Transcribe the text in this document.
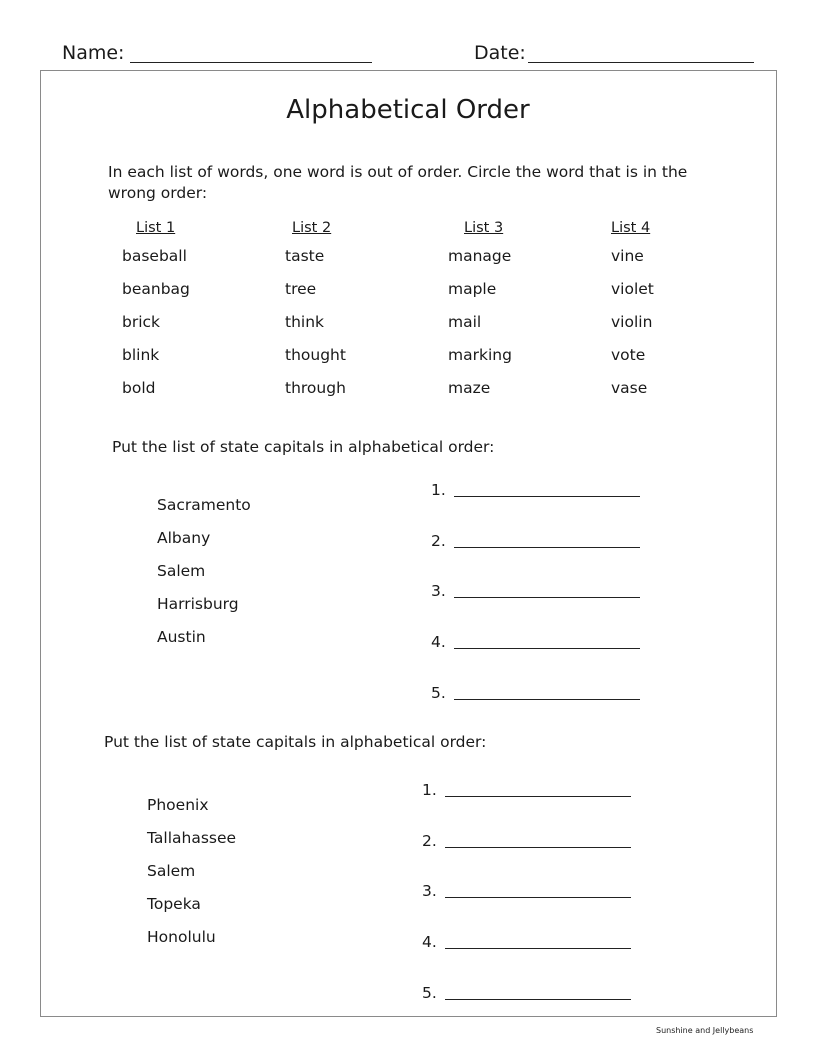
Name:	Date:
Alphabetical Order
In each list of words, one word is out of order. Circle the word that is in the wrong order:
List 1
baseball
beanbag
brick
blink
bold
List 2
taste
tree
think
thought
through
List 3
manage
maple
mail
marking
maze
List 4
vine
violet
violin
vote
vase
Put the list of state capitals in alphabetical order:
Sacramento
Albany
Salem
Harrisburg
Austin
1.
2.
3.
4.
5.
Put the list of state capitals in alphabetical order:
Phoenix
Tallahassee
Salem
Topeka
Honolulu
1.
2.
3.
4.
5.
Sunshine and Jellybeans
